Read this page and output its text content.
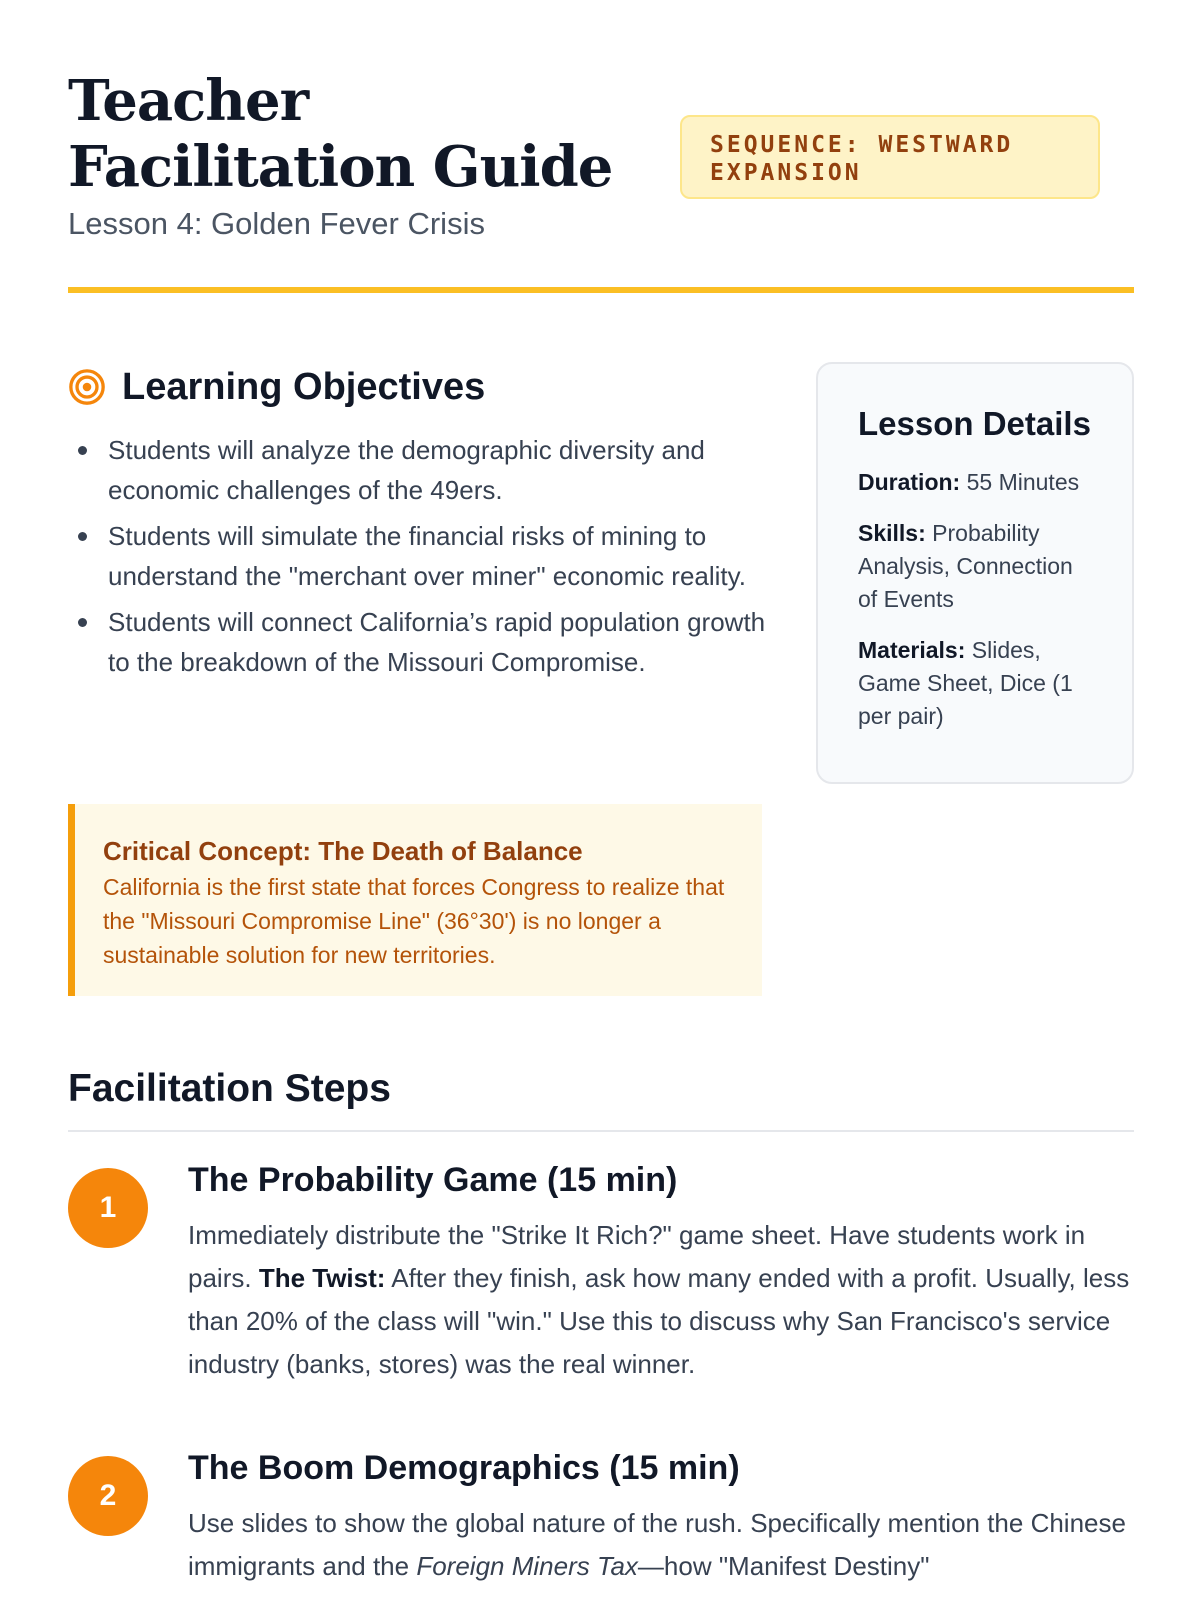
Teacher Facilitation Guide
Lesson 4: Golden Fever Crisis
SEQUENCE: WESTWARD EXPANSION
Learning Objectives
Students will analyze the demographic diversity and economic challenges of the 49ers.
Students will simulate the financial risks of mining to understand the "merchant over miner" economic reality.
Students will connect California’s rapid population growth to the breakdown of the Missouri Compromise.
Lesson Details
Duration: 55 Minutes
Skills: Probability Analysis, Connection of Events
Materials: Slides, Game Sheet, Dice (1 per pair)
Critical Concept: The Death of Balance
California is the first state that forces Congress to realize that the "Missouri Compromise Line" (36°30') is no longer a sustainable solution for new territories.
Facilitation Steps
1
The Probability Game (15 min)
Immediately distribute the "Strike It Rich?" game sheet. Have students work in pairs. The Twist: After they finish, ask how many ended with a profit. Usually, less than 20% of the class will "win." Use this to discuss why San Francisco's service industry (banks, stores) was the real winner.
2
The Boom Demographics (15 min)
Use slides to show the global nature of the rush. Specifically mention the Chinese immigrants and the Foreign Miners Tax—how "Manifest Destiny"
